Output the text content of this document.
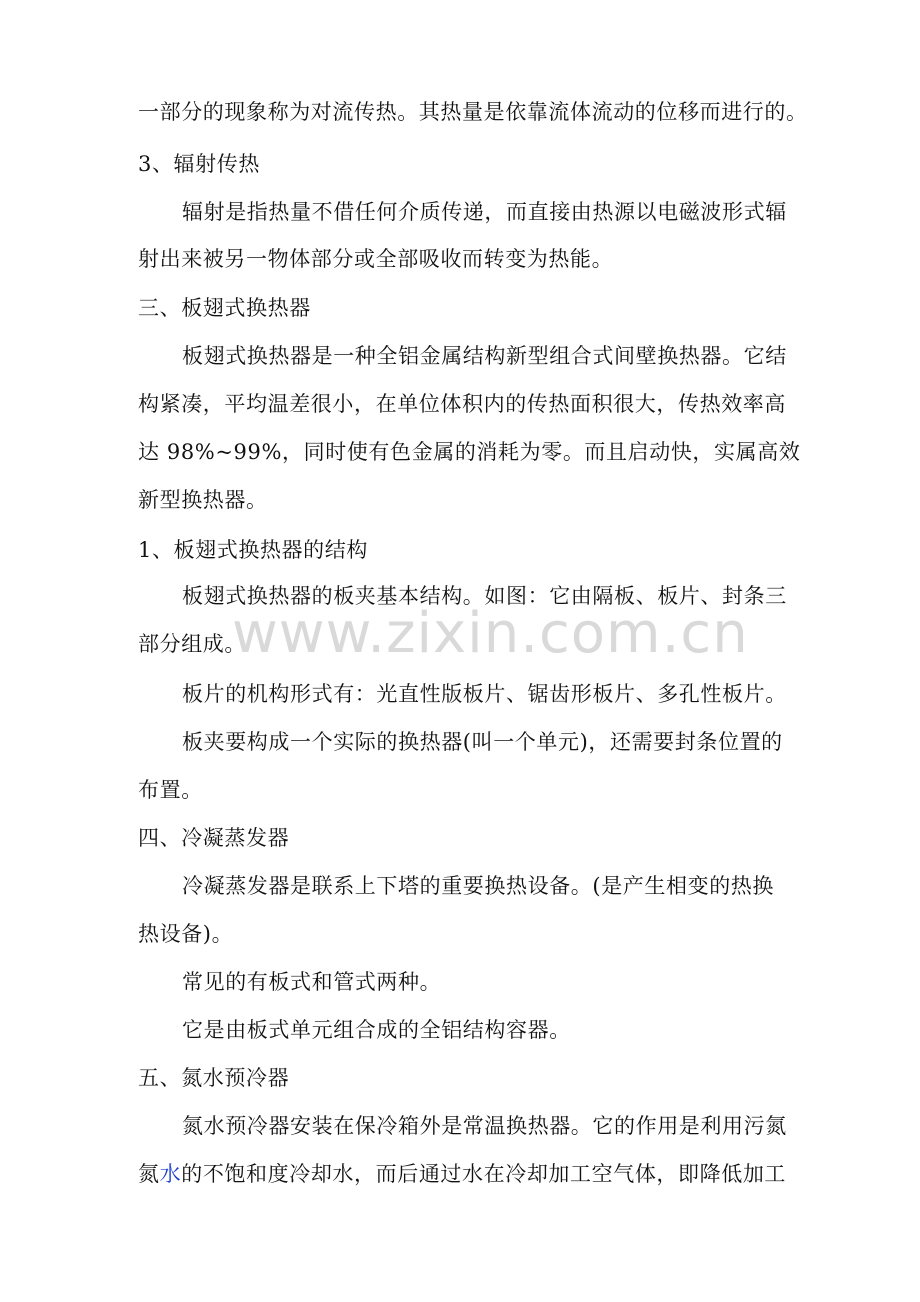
一部分的现象称为对流传热。其热量是依靠流体流动的位移而进行的。
3、辐射传热
辐射是指热量不借任何介质传递，而直接由热源以电磁波形式辐
射出来被另一物体部分或全部吸收而转变为热能。
三、板翅式换热器
板翅式换热器是一种全铝金属结构新型组合式间壁换热器。它结
构紧凑，平均温差很小，在单位体积内的传热面积很大，传热效率高
达 98%~99%，同时使有色金属的消耗为零。而且启动快，实属高效
新型换热器。
1、板翅式换热器的结构
板翅式换热器的板夹基本结构。如图：它由隔板、板片、封条三
部分组成。
板片的机构形式有：光直性版板片、锯齿形板片、多孔性板片。
板夹要构成一个实际的换热器(叫一个单元)，还需要封条位置的
布置。
四、冷凝蒸发器
冷凝蒸发器是联系上下塔的重要换热设备。(是产生相变的热换
热设备)。
常见的有板式和管式两种。
它是由板式单元组合成的全铝结构容器。
五、氮水预冷器
氮水预冷器安装在保冷箱外是常温换热器。它的作用是利用污氮
氮水的不饱和度冷却水，而后通过水在冷却加工空气体，即降低加工
www.zixin.com.cn
